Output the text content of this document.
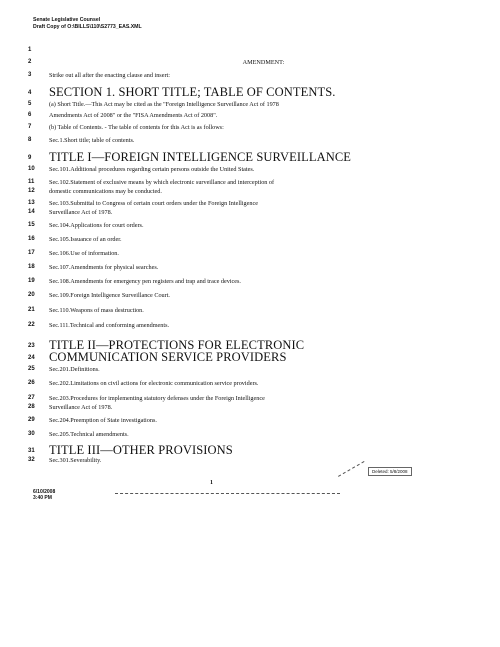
Senate Legislative Counsel
Draft Copy of O:\BILLS\110\S2773_EAS.XML
1
2	AMENDMENT:
3	Strike out all after the enacting clause and insert:
4	SECTION 1. SHORT TITLE; TABLE OF CONTENTS.
5	(a) Short Title.—This Act may be cited as the "Foreign Intelligence Surveillance Act of 1978
6	Amendments Act of 2008" or the "FISA Amendments Act of 2008".
7	(b) Table of Contents. - The table of contents for this Act is as follows:
8	Sec.1.Short title; table of contents.
9	TITLE I—FOREIGN INTELLIGENCE SURVEILLANCE
10	Sec.101.Additional procedures regarding certain persons outside the United States.
11	Sec.102.Statement of exclusive means by which electronic surveillance and interception of
12	domestic communications may be conducted.
13	Sec.103.Submittal to Congress of certain court orders under the Foreign Intelligence
14	Surveillance Act of 1978.
15	Sec.104.Applications for court orders.
16	Sec.105.Issuance of an order.
17	Sec.106.Use of information.
18	Sec.107.Amendments for physical searches.
19	Sec.108.Amendments for emergency pen registers and trap and trace devices.
20	Sec.109.Foreign Intelligence Surveillance Court.
21	Sec.110.Weapons of mass destruction.
22	Sec.111.Technical and conforming amendments.
23	TITLE II—PROTECTIONS FOR ELECTRONIC
24	COMMUNICATION SERVICE PROVIDERS
25	Sec.201.Definitions.
26	Sec.202.Limitations on civil actions for electronic communication service providers.
27	Sec.203.Procedures for implementing statutory defenses under the Foreign Intelligence
28	Surveillance Act of 1978.
29	Sec.204.Preemption of State investigations.
30	Sec.205.Technical amendments.
31	TITLE III—OTHER PROVISIONS
32	Sec.301.Severability.
1
Deleted: 5/8/2008
6/10/2008
3:40 PM
